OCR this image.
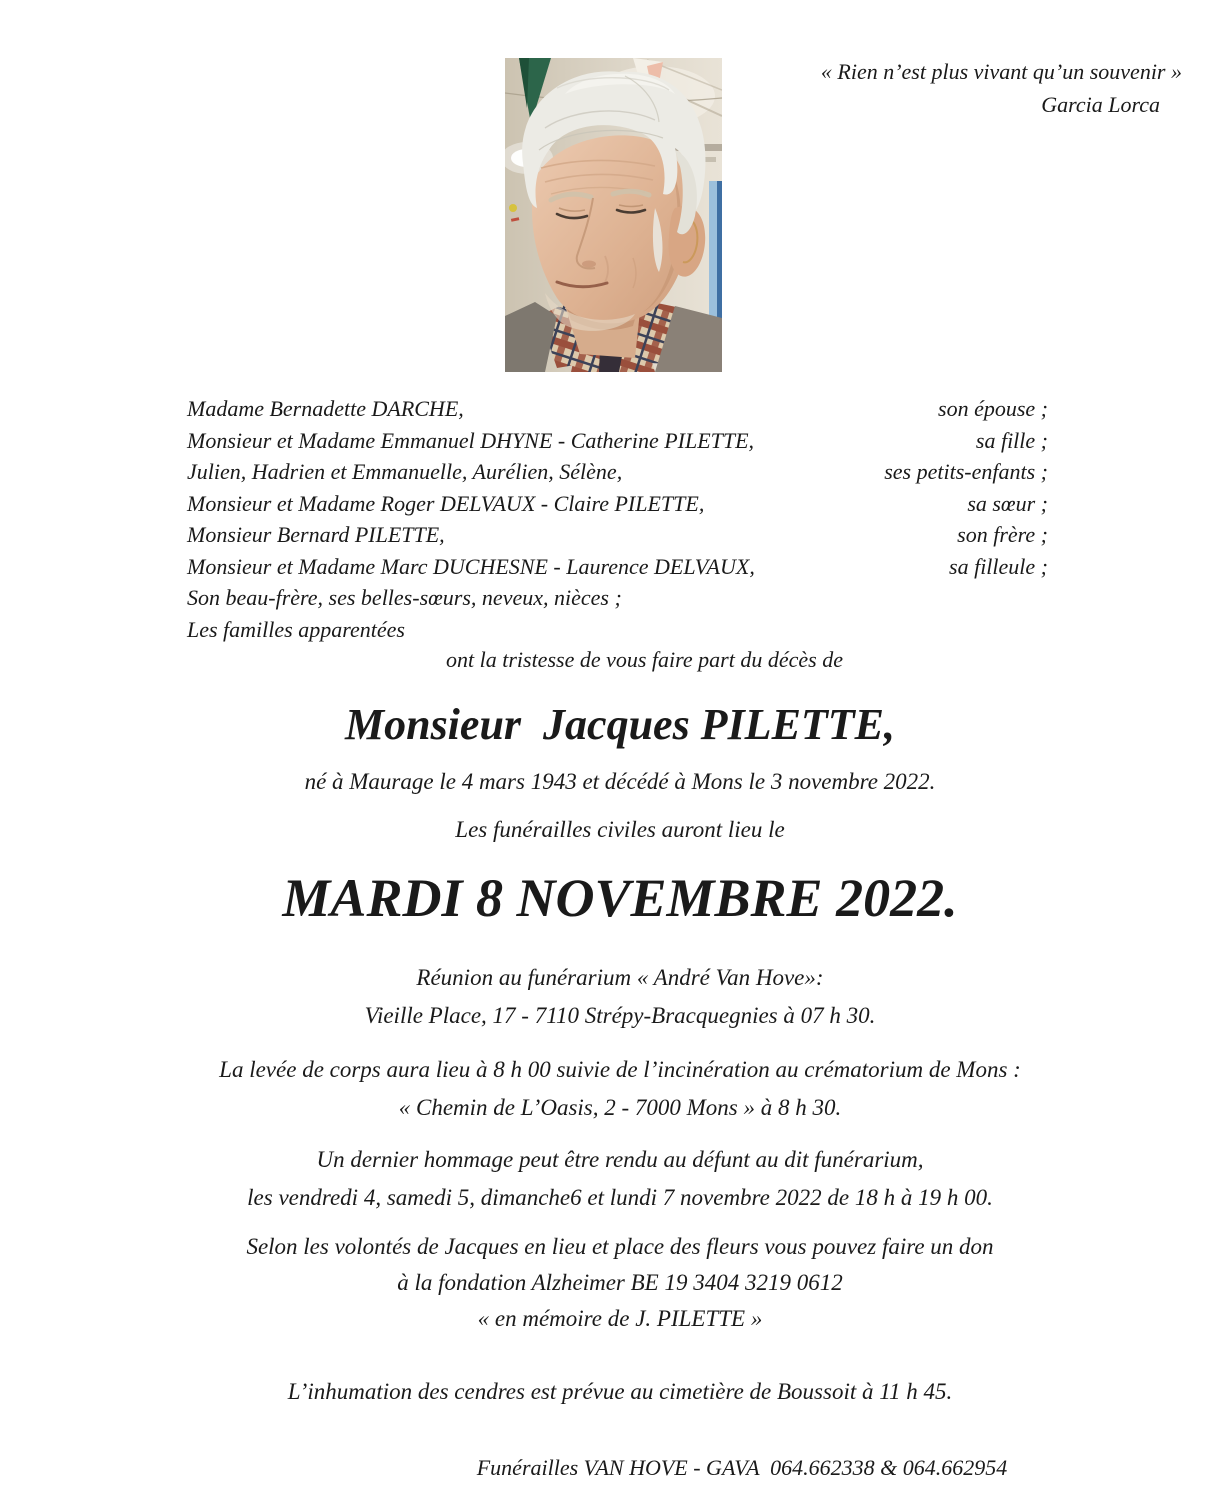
« Rien n’est plus vivant qu’un souvenir »
Garcia Lorca
Madame Bernadette DARCHE,	son épouse ;
Monsieur et Madame Emmanuel DHYNE - Catherine PILETTE,	sa fille ;
Julien, Hadrien et Emmanuelle, Aurélien, Sélène,	ses petits-enfants ;
Monsieur et Madame Roger DELVAUX - Claire PILETTE,	sa sœur ;
Monsieur Bernard PILETTE,	son frère ;
Monsieur et Madame Marc DUCHESNE - Laurence DELVAUX,	sa filleule ;
Son beau-frère, ses belles-sœurs, neveux, nièces ;
Les familles apparentées
ont la tristesse de vous faire part du décès de
Monsieur  Jacques PILETTE,
né à Maurage le 4 mars 1943 et décédé à Mons le 3 novembre 2022.
Les funérailles civiles auront lieu le
MARDI 8 NOVEMBRE 2022.
Réunion au funérarium « André Van Hove»:
Vieille Place, 17 - 7110 Strépy-Bracquegnies à 07 h 30.
La levée de corps aura lieu à 8 h 00 suivie de l’incinération au crématorium de Mons :
« Chemin de L’Oasis, 2 - 7000 Mons » à 8 h 30.
Un dernier hommage peut être rendu au défunt au dit funérarium,
les vendredi 4, samedi 5, dimanche6 et lundi 7 novembre 2022 de 18 h à 19 h 00.
Selon les volontés de Jacques en lieu et place des fleurs vous pouvez faire un don
à la fondation Alzheimer BE 19 3404 3219 0612
« en mémoire de J. PILETTE »
L’inhumation des cendres est prévue au cimetière de Boussoit à 11 h 45.
Funérailles VAN HOVE - GAVA  064.662338 & 064.662954
